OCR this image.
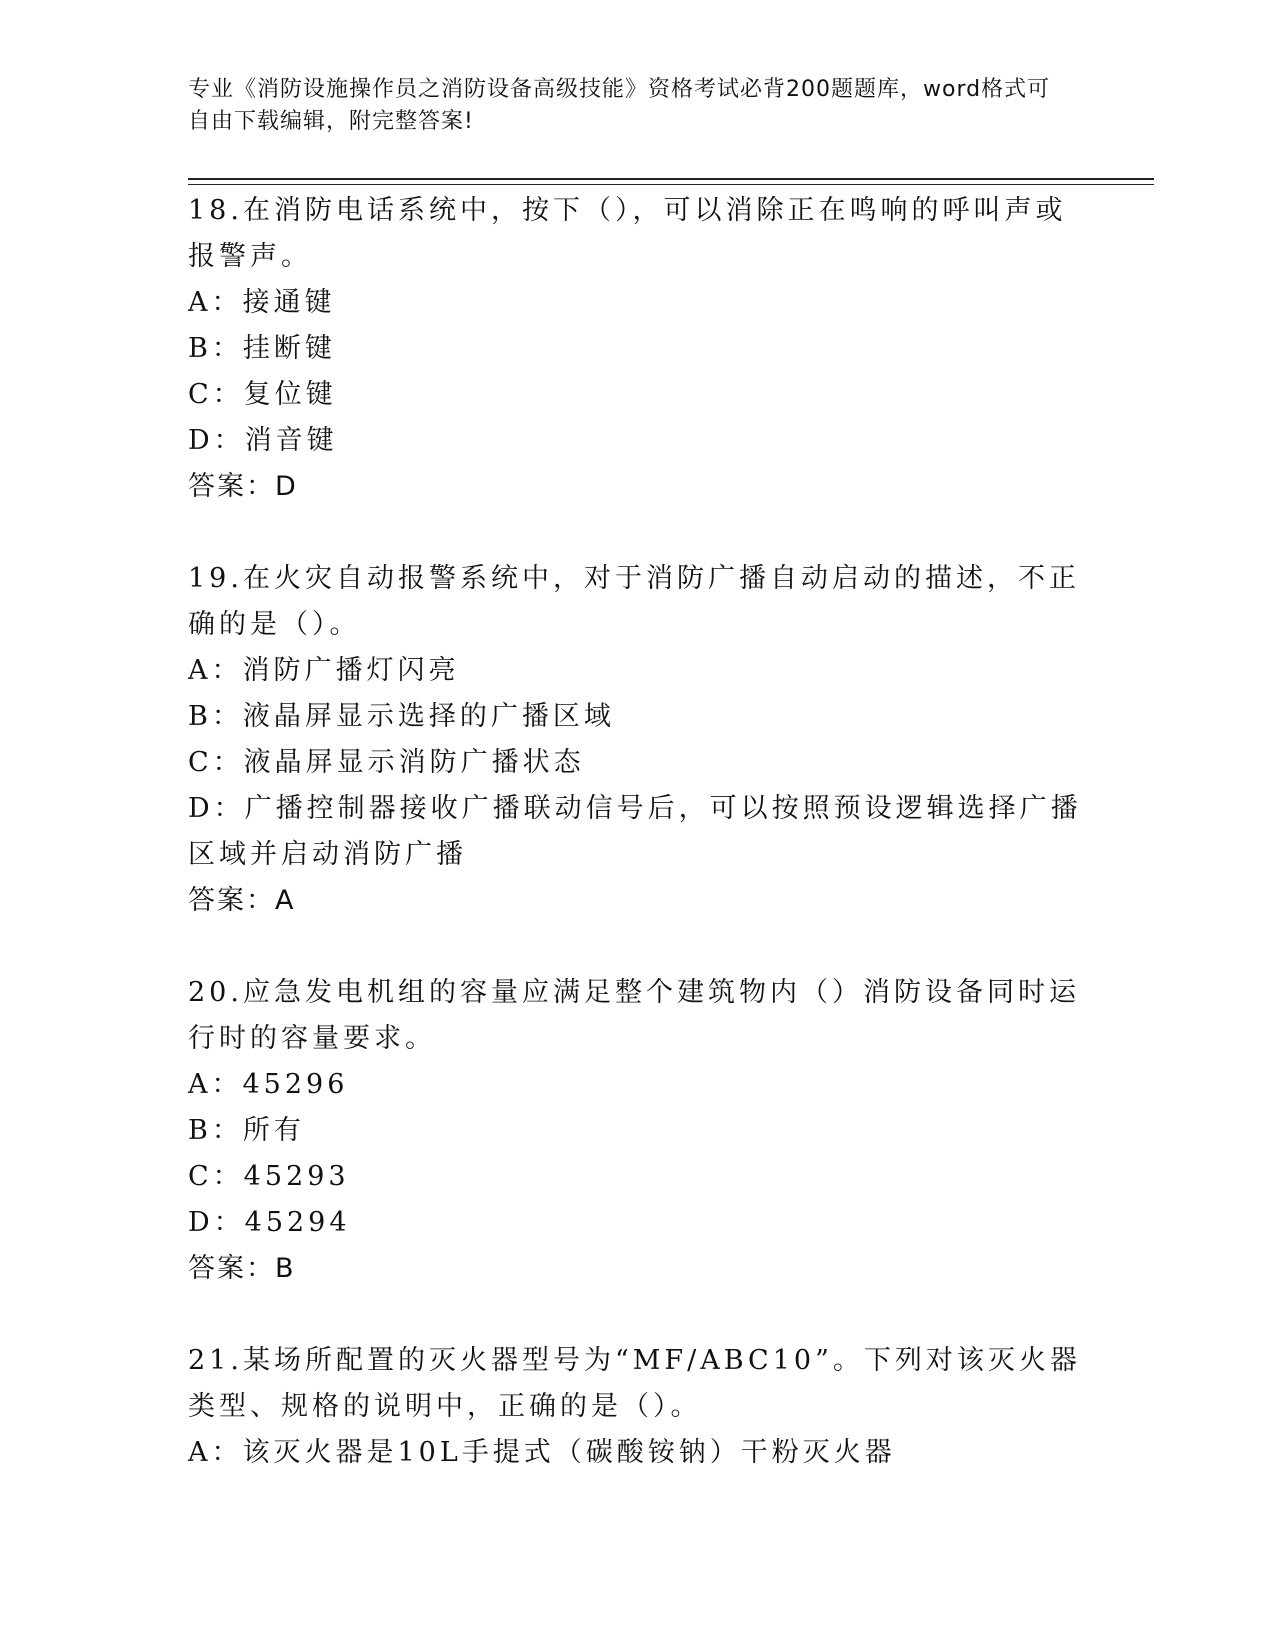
专业《消防设施操作员之消防设备高级技能》资格考试必背200题题库，word格式可自由下载编辑，附完整答案!

18.在消防电话系统中，按下（），可以消除正在鸣响的呼叫声或报警声。

A：接通键

B：挂断键

C：复位键

D：消音键

答案：D

19.在火灾自动报警系统中，对于消防广播自动启动的描述，不正确的是（）。

A：消防广播灯闪亮

B：液晶屏显示选择的广播区域

C：液晶屏显示消防广播状态

D：广播控制器接收广播联动信号后，可以按照预设逻辑选择广播区域并启动消防广播

答案：A

20.应急发电机组的容量应满足整个建筑物内（）消防设备同时运行时的容量要求。

A：45296

B：所有

C：45293

D：45294

答案：B

21.某场所配置的灭火器型号为“MF/ABC10”。下列对该灭火器类型、规格的说明中，正确的是（）。

A：该灭火器是10L手提式（碳酸铵钠）干粉灭火器
